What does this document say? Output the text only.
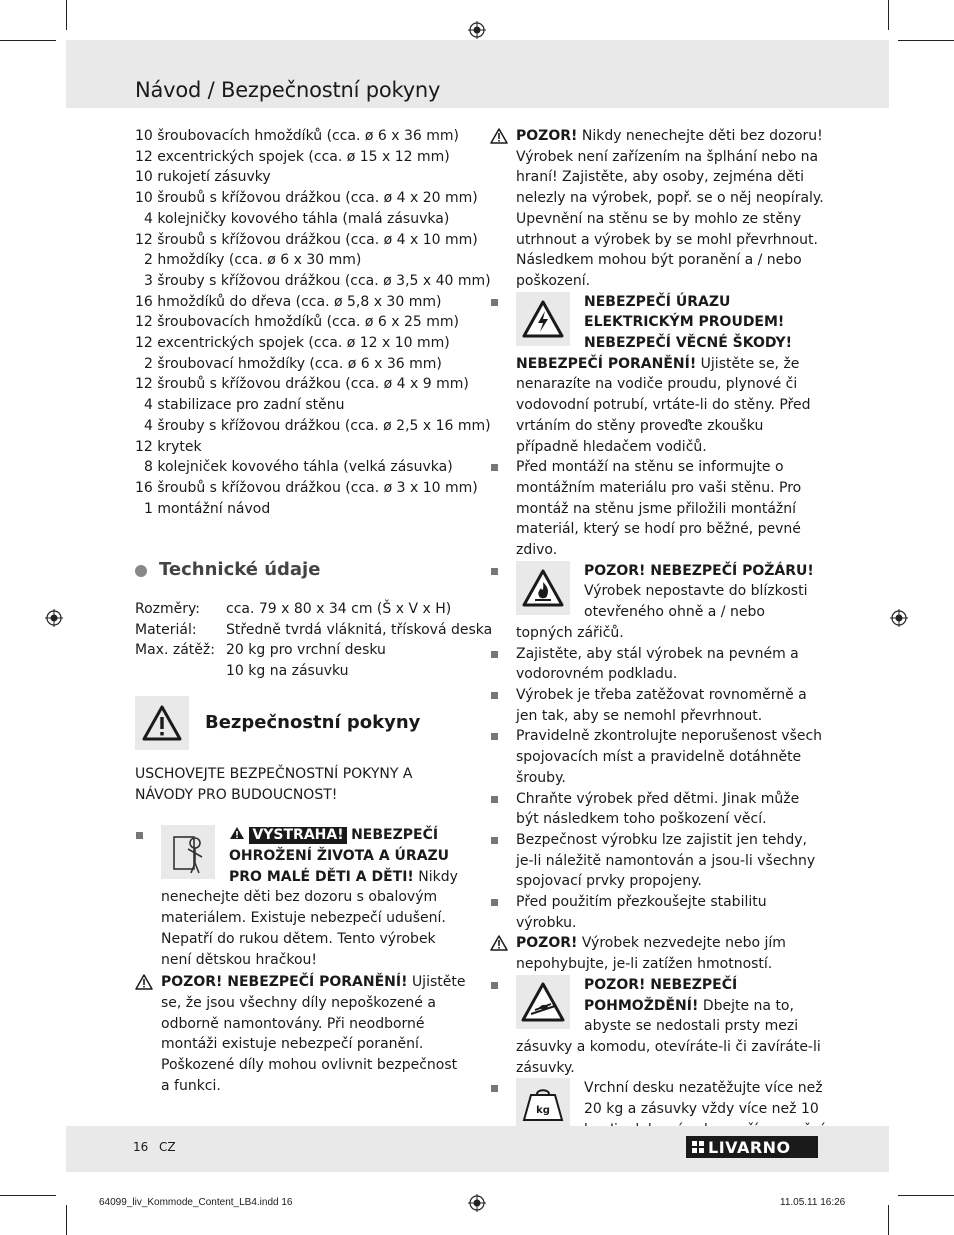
Návod / Bezpečnostní pokyny
10 šroubovacích hmoždíků (cca. ø 6 x 36 mm)
12 excentrických spojek (cca. ø 15 x 12 mm)
10 rukojetí zásuvky
10 šroubů s křížovou drážkou (cca. ø 4 x 20 mm)
4 kolejničky kovového táhla (malá zásuvka)
12 šroubů s křížovou drážkou (cca. ø 4 x 10 mm)
2 hmoždíky (cca. ø 6 x 30 mm)
3 šrouby s křížovou drážkou (cca. ø 3,5 x 40 mm)
16 hmoždíků do dřeva (cca. ø 5,8 x 30 mm)
12 šroubovacích hmoždíků (cca. ø 6 x 25 mm)
12 excentrických spojek (cca. ø 12 x 10 mm)
2 šroubovací hmoždíky (cca. ø 6 x 36 mm)
12 šroubů s křížovou drážkou (cca. ø 4 x 9 mm)
4 stabilizace pro zadní stěnu
4 šrouby s křížovou drážkou (cca. ø 2,5 x 16 mm)
12 krytek
8 kolejniček kovového táhla (velká zásuvka)
16 šroubů s křížovou drážkou (cca. ø 3 x 10 mm)
1 montážní návod
Technické údaje
Rozměry:	cca. 79 x 80 x 34 cm (Š x V x H)
Materiál:	Středně tvrdá vláknitá, třísková deska
Max. zátěž: 20 kg pro vrchní desku
10 kg na zásuvku
Bezpečnostní pokyny
USCHOVEJTE BEZPEČNOSTNÍ POKYNY A NÁVODY PRO BUDOUCNOST!
VÝSTRAHA! NEBEZPEČÍ OHROŽENÍ ŽIVOTA A ÚRAZU PRO MALÉ DĚTI A DĚTI! Nikdy nenechejte děti bez dozoru s obalovým materiálem. Existuje nebezpečí udušení. Nepatří do rukou dětem. Tento výrobek není dětskou hračkou!
POZOR! NEBEZPEČÍ PORANĚNÍ! Ujistěte se, že jsou všechny díly nepoškozené a odborně namontovány. Při neodborné montáži existuje nebezpečí poranění. Poškozené díly mohou ovlivnit bezpečnost a funkci.
POZOR! Nikdy nenechejte děti bez dozoru! Výrobek není zařízením na šplhání nebo na hraní! Zajistěte, aby osoby, zejména děti nelezly na výrobek, popř. se o něj neopíraly. Upevnění na stěnu se by mohlo ze stěny utrhnout a výrobek by se mohl převrhnout. Následkem mohou být poranění a / nebo poškození.
NEBEZPEČÍ ÚRAZU ELEKTRICKÝM PROUDEM! NEBEZPEČÍ VĚCNÉ ŠKODY! NEBEZPEČÍ PORANĚNÍ! Ujistěte se, že nenarazíte na vodiče proudu, plynové či vodovodní potrubí, vrtáte-li do stěny. Před vrtáním do stěny proveďte zkoušku případně hledačem vodičů.
Před montáží na stěnu se informujte o montážním materiálu pro vaši stěnu. Pro montáž na stěnu jsme přiložili montážní materiál, který se hodí pro běžné, pevné zdivo.
POZOR! NEBEZPEČÍ POŽÁRU!
Výrobek nepostavte do blízkosti otevřeného ohně a / nebo topných zářičů.
Zajistěte, aby stál výrobek na pevném a vodorovném podkladu.
Výrobek je třeba zatěžovat rovnoměrně a jen tak, aby se nemohl převrhnout.
Pravidelně zkontrolujte neporušenost všech spojovacích míst a pravidelně dotáhněte šrouby.
Chraňte výrobek před dětmi. Jinak může být následkem toho poškození věcí.
Bezpečnost výrobku lze zajistit jen tehdy, je-li náležitě namontován a jsou-li všechny spojovací prvky propojeny.
Před použitím přezkoušejte stabilitu výrobku.
POZOR! Výrobek nezvedejte nebo jím nepohybujte, je-li zatížen hmotností.
POZOR! NEBEZPEČÍ POHMOŽDĚNÍ! Dbejte na to, abyste se nedostali prsty mezi zásuvky a komodu, otevíráte-li či zavíráte-li zásuvky.
kg
Vrchní desku nezatěžujte více než 20 kg a zásuvky vždy více než 10
16 CZ	LIVARNO
64099_liv_Kommode_Content_LB4.indd 16	11.05.11 16:26
